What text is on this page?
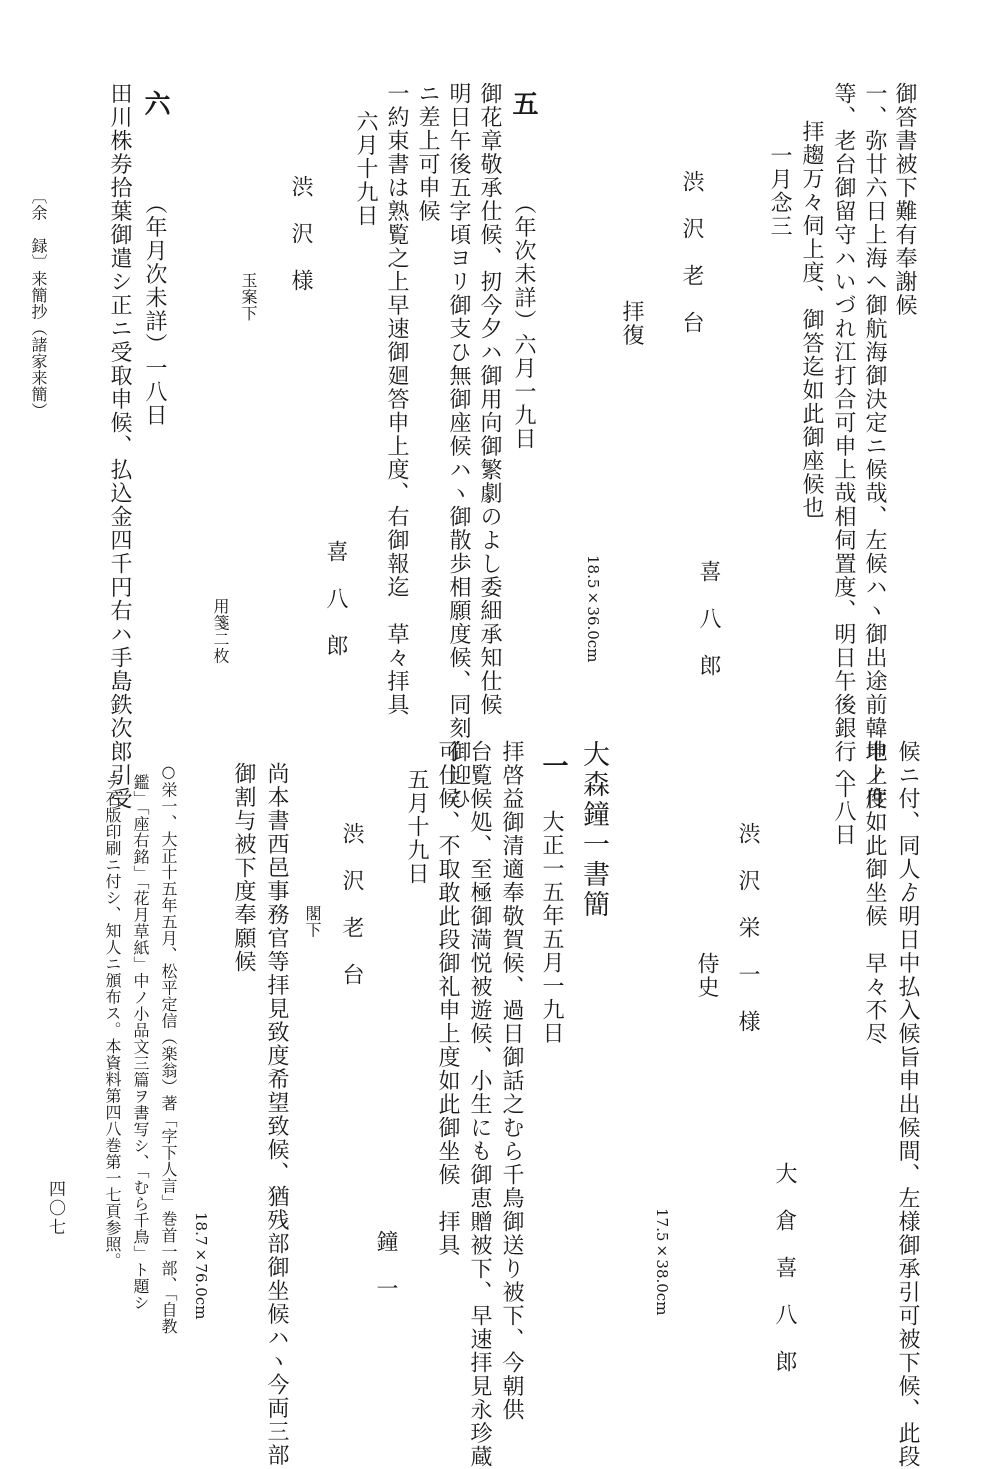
御答書被下難有奉謝候
一、弥廿六日上海ヘ御航海御決定ニ候哉、左候ハヽ御出途前韓地ノ件
等、老台御留守ハいづれ江打合可申上哉相伺置度、明日午後銀行ヘ
拝趨万々伺上度、御答迄如此御座候也
一月念三
喜　八　郎
渋　沢　老　台
拝復
18.5×36.0cm
五
（年次未詳）六月一九日
御花章敬承仕候、扨今夕ハ御用向御繁劇のよし委細承知仕候
明日午後五字頃ヨリ御支ひ無御座候ハヽ御散歩相願度候、同刻御迎ひ
ニ差上可申候
一約束書は熟覧之上早速御廻答申上度、右御報迄　草々拝具
六月十九日
喜　八　郎
渋　沢　様
玉案下
用箋二枚
六
（年月次未詳）一八日
田川株券拾葉御遣シ正ニ受取申候、払込金四千円右ハ手島鉄次郎引受
〔余　録〕来簡抄（諸家来簡）
候ニ付、同人ゟ明日中払入候旨申出候間、左様御承引可被下候、此段
申上度如此御坐候　早々不尽
十八日
大　倉　喜　八　郎
渋　沢　栄　一　様
侍史
17.5×38.0cm
大森鐘一書簡
一
大正一五年五月一九日
拝啓益御清適奉敬賀候、過日御話之むら千鳥御送り被下、今朝供
台覧候処、至極御満悦被遊候、小生にも御恵贈被下、早速拝見永珍蔵
可仕候、不取敢此段御礼申上度如此御坐候　拝具
五月十九日
鐘　一
渋　沢　老　台
閣下
尚本書西邑事務官等拝見致度希望致候、猶残部御坐候ハヽ今両三部
御割与被下度奉願候
18.7×76.0cm
○栄一、大正十五年五月、松平定信（楽翁）著「字下人言」巻首一部、「自教
鑑」「座右銘」「花月草紙」中ノ小品文三篇ヲ書写シ、「むら千鳥」ト題シ
テ石版印刷ニ付シ、知人ニ頒布ス。本資料第四八巻第一七頁参照。
四〇七
